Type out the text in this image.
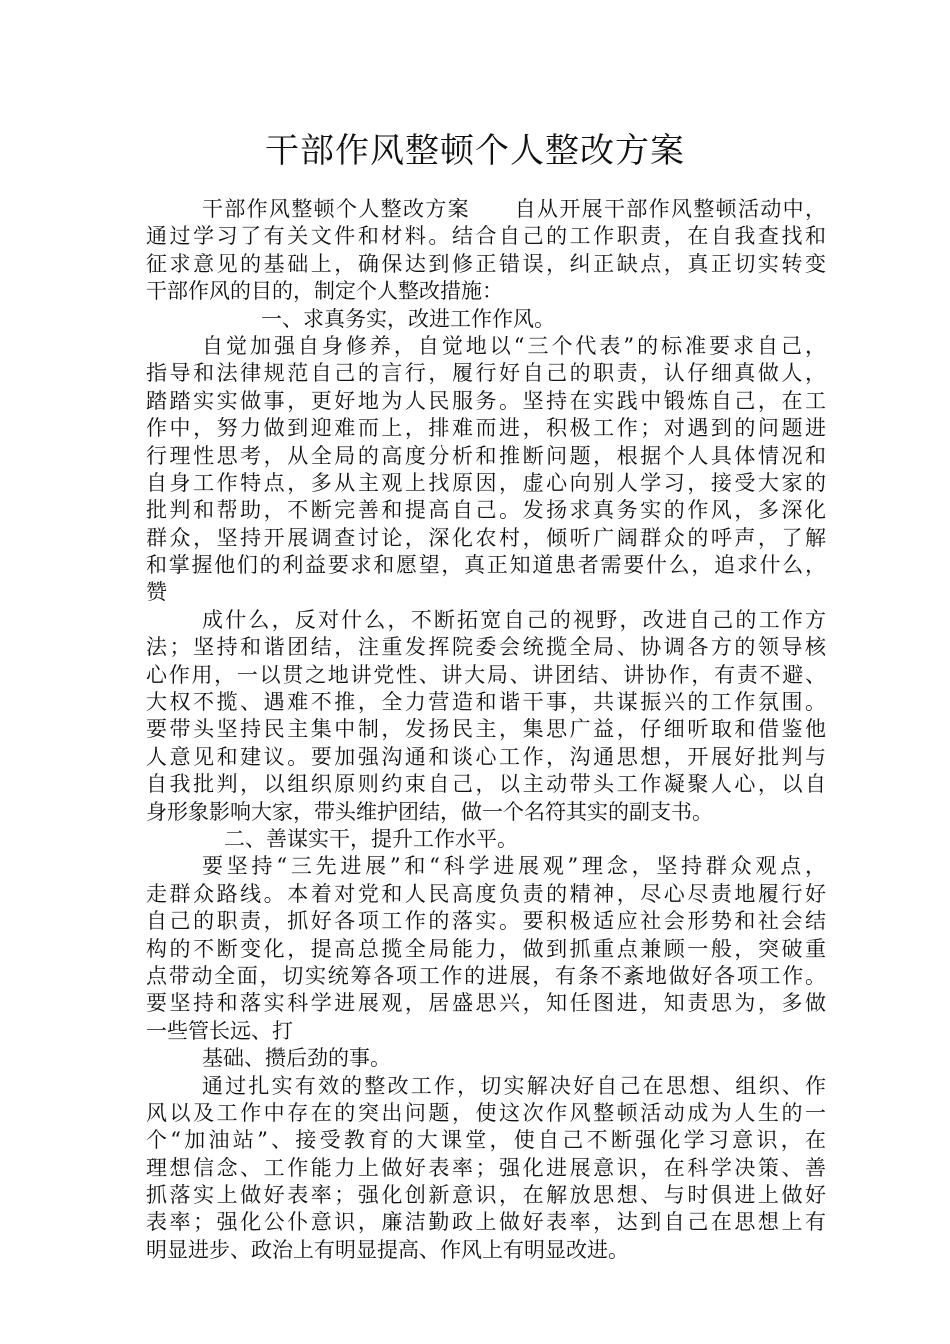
干部作风整顿个人整改方案
干部作风整顿个人整改方案　　自从开展干部作风整顿活动中，
通过学习了有关文件和材料。结合自己的工作职责，在自我查找和
征求意见的基础上，确保达到修正错误，纠正缺点，真正切实转变
干部作风的目的，制定个人整改措施：
一、求真务实，改进工作作风。
自觉加强自身修养，自觉地以“三个代表”的标准要求自己，
指导和法律规范自己的言行，履行好自己的职责，认仔细真做人，
踏踏实实做事，更好地为人民服务。坚持在实践中锻炼自己，在工
作中，努力做到迎难而上，排难而进，积极工作；对遇到的问题进
行理性思考，从全局的高度分析和推断问题，根据个人具体情况和
自身工作特点，多从主观上找原因，虚心向别人学习，接受大家的
批判和帮助，不断完善和提高自己。发扬求真务实的作风，多深化
群众，坚持开展调查讨论，深化农村，倾听广阔群众的呼声，了解
和掌握他们的利益要求和愿望，真正知道患者需要什么，追求什么，
赞
成什么，反对什么，不断拓宽自己的视野，改进自己的工作方
法；坚持和谐团结，注重发挥院委会统揽全局、协调各方的领导核
心作用，一以贯之地讲党性、讲大局、讲团结、讲协作，有责不避、
大权不揽、遇难不推，全力营造和谐干事，共谋振兴的工作氛围。
要带头坚持民主集中制，发扬民主，集思广益，仔细听取和借鉴他
人意见和建议。要加强沟通和谈心工作，沟通思想，开展好批判与
自我批判，以组织原则约束自己，以主动带头工作凝聚人心，以自
身形象影响大家，带头维护团结，做一个名符其实的副支书。
二、善谋实干，提升工作水平。
要坚持“三先进展”和“科学进展观”理念，坚持群众观点，
走群众路线。本着对党和人民高度负责的精神，尽心尽责地履行好
自己的职责，抓好各项工作的落实。要积极适应社会形势和社会结
构的不断变化，提高总揽全局能力，做到抓重点兼顾一般，突破重
点带动全面，切实统筹各项工作的进展，有条不紊地做好各项工作。
要坚持和落实科学进展观，居盛思兴，知任图进，知责思为，多做
一些管长远、打
基础、攒后劲的事。
通过扎实有效的整改工作，切实解决好自己在思想、组织、作
风以及工作中存在的突出问题，使这次作风整顿活动成为人生的一
个“加油站”、接受教育的大课堂，使自己不断强化学习意识，在
理想信念、工作能力上做好表率；强化进展意识，在科学决策、善
抓落实上做好表率；强化创新意识，在解放思想、与时俱进上做好
表率；强化公仆意识，廉洁勤政上做好表率，达到自己在思想上有
明显进步、政治上有明显提高、作风上有明显改进。
